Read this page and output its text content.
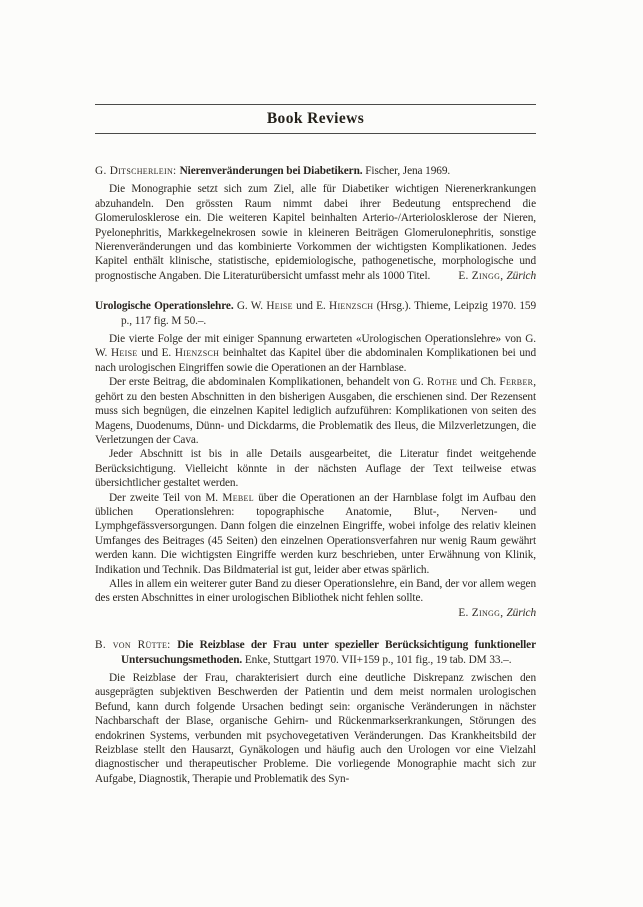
Book Reviews
G. Ditscherlein: Nierenveränderungen bei Diabetikern. Fischer, Jena 1969.
Die Monographie setzt sich zum Ziel, alle für Diabetiker wichtigen Nierenerkrankungen abzuhandeln. Den grössten Raum nimmt dabei ihrer Bedeutung entsprechend die Glomerulosklerose ein. Die weiteren Kapitel beinhalten Arterio-/Arteriolosklerose der Nieren, Pyelonephritis, Markkegelnekrosen sowie in kleineren Beiträgen Glomerulonephritis, sonstige Nierenveränderungen und das kombinierte Vorkommen der wichtigsten Komplikationen. Jedes Kapitel enthält klinische, statistische, epidemiologische, pathogenetische, morphologische und prognostische Angaben. Die Literaturübersicht umfasst mehr als 1000 Titel.	E. Zingg, Zürich
Urologische Operationslehre. G. W. Heise und E. Hienzsch (Hrsg.). Thieme, Leipzig 1970. 159 p., 117 fig. M 50.–.
Die vierte Folge der mit einiger Spannung erwarteten «Urologischen Operationslehre» von G. W. Heise und E. Hienzsch beinhaltet das Kapitel über die abdominalen Komplikationen bei und nach urologischen Eingriffen sowie die Operationen an der Harnblase.
Der erste Beitrag, die abdominalen Komplikationen, behandelt von G. Rothe und Ch. Ferber, gehört zu den besten Abschnitten in den bisherigen Ausgaben, die erschienen sind. Der Rezensent muss sich begnügen, die einzelnen Kapitel lediglich aufzuführen: Komplikationen von seiten des Magens, Duodenums, Dünn- und Dickdarms, die Problematik des Ileus, die Milzverletzungen, die Verletzungen der Cava.
Jeder Abschnitt ist bis in alle Details ausgearbeitet, die Literatur findet weitgehende Berücksichtigung. Vielleicht könnte in der nächsten Auflage der Text teilweise etwas übersichtlicher gestaltet werden.
Der zweite Teil von M. Mebel über die Operationen an der Harnblase folgt im Aufbau den üblichen Operationslehren: topographische Anatomie, Blut-, Nerven- und Lymphgefässversorgungen. Dann folgen die einzelnen Eingriffe, wobei infolge des relativ kleinen Umfanges des Beitrages (45 Seiten) den einzelnen Operationsverfahren nur wenig Raum gewährt werden kann. Die wichtigsten Eingriffe werden kurz beschrieben, unter Erwähnung von Klinik, Indikation und Technik. Das Bildmaterial ist gut, leider aber etwas spärlich.
Alles in allem ein weiterer guter Band zu dieser Operationslehre, ein Band, der vor allem wegen des ersten Abschnittes in einer urologischen Bibliothek nicht fehlen sollte.
E. Zingg, Zürich
B. von Rütte: Die Reizblase der Frau unter spezieller Berücksichtigung funktioneller Untersuchungsmethoden. Enke, Stuttgart 1970. VII+159 p., 101 fig., 19 tab. DM 33.–.
Die Reizblase der Frau, charakterisiert durch eine deutliche Diskrepanz zwischen den ausgeprägten subjektiven Beschwerden der Patientin und dem meist normalen urologischen Befund, kann durch folgende Ursachen bedingt sein: organische Veränderungen in nächster Nachbarschaft der Blase, organische Gehirn- und Rückenmarkserkrankungen, Störungen des endokrinen Systems, verbunden mit psychovegetativen Veränderungen. Das Krankheitsbild der Reizblase stellt den Hausarzt, Gynäkologen und häufig auch den Urologen vor eine Vielzahl diagnostischer und therapeutischer Probleme. Die vorliegende Monographie macht sich zur Aufgabe, Diagnostik, Therapie und Problematik des Syn-
